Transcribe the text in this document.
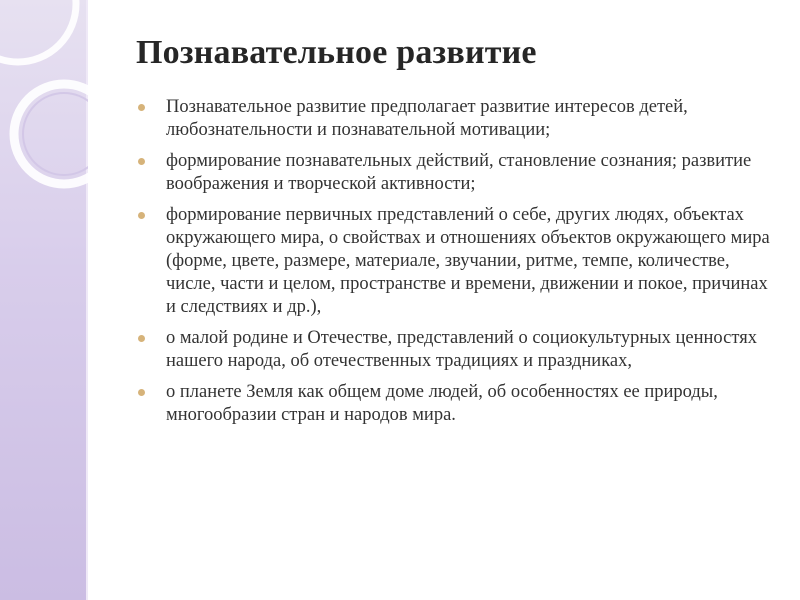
Познавательное развитие
Познавательное развитие предполагает развитие интересов детей, любознательности и познавательной мотивации;
формирование познавательных действий, становление сознания; развитие воображения и творческой активности;
формирование первичных представлений о себе, других людях, объектах окружающего мира, о свойствах и отношениях объектов окружающего мира (форме, цвете, размере, материале, звучании, ритме, темпе, количестве, числе, части и целом, пространстве и времени, движении и покое, причинах и следствиях и др.),
о малой родине и Отечестве, представлений о социокультурных ценностях нашего народа, об отечественных традициях и праздниках,
о планете Земля как общем доме людей, об особенностях ее природы, многообразии стран и народов мира.
